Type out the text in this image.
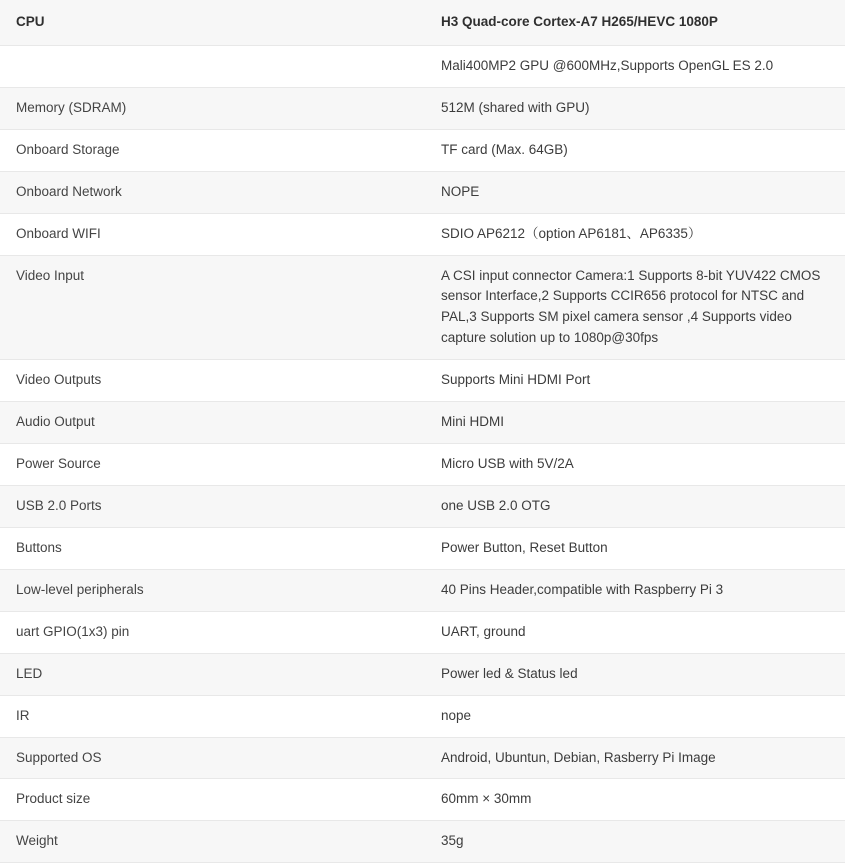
CPU	H3 Quad-core Cortex-A7 H265/HEVC 1080P
	Mali400MP2 GPU @600MHz,Supports OpenGL ES 2.0
Memory (SDRAM)	512M (shared with GPU)
Onboard Storage	TF card (Max. 64GB)
Onboard Network	NOPE
Onboard WIFI	SDIO AP6212（option AP6181、AP6335）
Video Input	A CSI input connector Camera:1 Supports 8-bit YUV422 CMOS sensor Interface,2 Supports CCIR656 protocol for NTSC and PAL,3 Supports SM pixel camera sensor ,4 Supports video capture solution up to 1080p@30fps
Video Outputs	Supports Mini HDMI Port
Audio Output	Mini HDMI
Power Source	Micro USB with 5V/2A
USB 2.0 Ports	one USB 2.0 OTG
Buttons	Power Button, Reset Button
Low-level peripherals	40 Pins Header,compatible with Raspberry Pi 3
uart GPIO(1x3) pin	UART, ground
LED	Power led & Status led
IR	nope
Supported OS	Android, Ubuntun, Debian, Rasberry Pi Image
Product size	60mm × 30mm
Weight	35g
